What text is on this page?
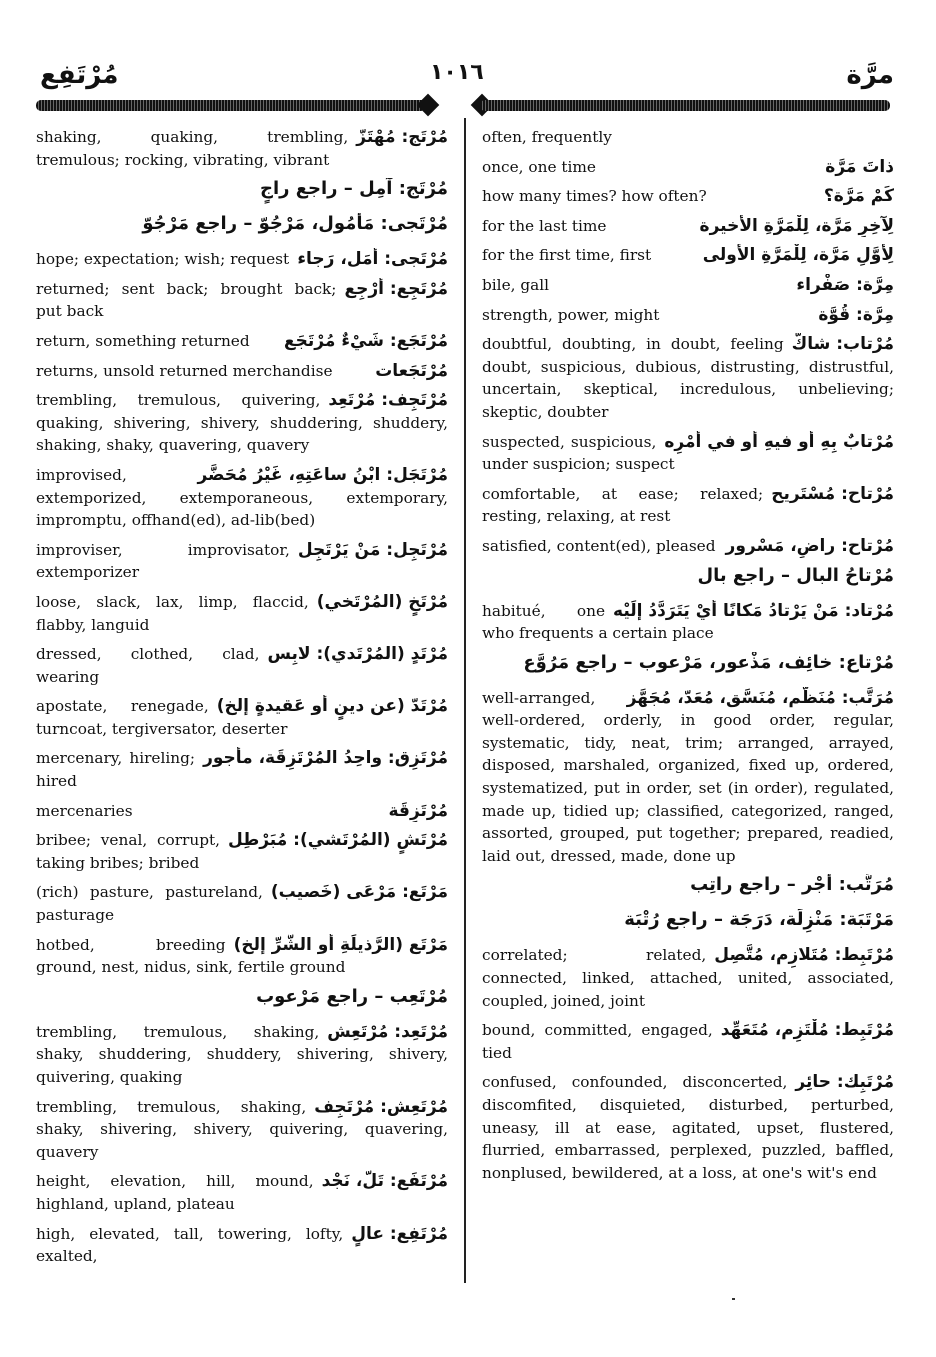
مُرْتَفِع	١٠١٦	مرَّة
مُرْتَج: مُهْتَزّ
shaking, quaking, trembling, tremulous; rocking, vibrating, vibrant
مُرْتَج: آمِل – راجع راجٍ
مُرْتَجى: مَأْمُول، مَرْجُوّ – راجع مَرْجُوّ
مُرْتَجى: أمَل، رَجاء
hope; expectation; wish; request
مُرْتَجِع: أُرْجِع
returned; sent back; brought back; put back
مُرْتَجَع: شَيْءٌ مُرْتَجَع
return, something returned
مُرْتَجَعات
returns, unsold returned merchandise
مُرْتَجِف: مُرْتَعِد
trembling, tremulous, quivering, quaking, shivering, shivery, shuddering, shuddery, shaking, shaky, quavering, quavery
مُرْتَجَل: ابْنُ ساعَتِهِ، غَيْرُ مُحَضَّر
improvised, extemporized, extemporaneous, extemporary, impromptu, offhand(ed), ad-lib(bed)
مُرْتَجِل: مَنْ يَرْتَجِل
improviser, improvisator, extemporizer
مُرْتَخٍ (المُرْتَخي)
loose, slack, lax, limp, flaccid, flabby, languid
مُرْتَدٍ (المُرْتَدي): لابِس
dressed, clothed, clad, wearing
مُرْتَدّ (عن دينٍ أو عَقيدةٍ إلخ)
apostate, renegade, turncoat, tergiversator, deserter
مُرْتَزِق: واحِدُ المُرْتَزِقَة، مأجور
mercenary, hireling; hired
مُرْتَزِقَة
mercenaries
مُرْتَشٍ (المُرْتَشي): مُبَرْطِل
bribee; venal, corrupt, taking bribes; bribed
مَرْتَع: مَرْعَى (خَصيب)
(rich) pasture, pastureland, pasturage
مَرْتَع (الرَّذيلَةِ أو الشَّرِّ إلخ)
hotbed, breeding ground, nest, nidus, sink, fertile ground
مُرْتَعِب – راجع مَرْعوب
مُرْتَعِد: مُرْتَعِش
trembling, tremulous, shaking, shaky, shuddering, shuddery, shivering, shivery, quivering, quaking
مُرْتَعِش: مُرْتَجِف
trembling, tremulous, shaking, shaky, shivering, shivery, quivering, quavering, quavery
مُرْتَفَع: تَلّ، نَجْد
height, elevation, hill, mound, highland, upland, plateau
مُرْتَفِع: عالٍ
high, elevated, tall, towering, lofty, exalted,
often, frequently
ذاتَ مَرَّة
once, one time
كَمْ مَرَّة؟
how many times? how often?
لِآخِرِ مَرَّة، لِلْمَرَّةِ الأخيرة
for the last time
لِأَوَّلِ مَرَّة، لِلْمَرَّةِ الأولى
for the first time, first
مِرَّة: صَفْراء
bile, gall
مِرَّة: قُوَّة
strength, power, might
مُرْتاب: شاكّ
doubtful, doubting, in doubt, feeling doubt, suspicious, dubious, distrusting, distrustful, uncertain, skeptical, incredulous, unbelieving; skeptic, doubter
مُرْتابٌ بِهِ أو فيهِ أو في أمْرِه
suspected, suspicious, under suspicion; suspect
مُرْتاح: مُسْتَريح
comfortable, at ease; relaxed; resting, relaxing, at rest
مُرْتاح: راضٍ، مَسْرور
satisfied, content(ed), pleased
مُرْتاحُ البال – راجع بال
مُرْتاد: مَنْ يَرْتادُ مَكانًا أيْ يَتَرَدَّدُ إلَيْه
habitué, one who frequents a certain place
مُرْتاع: خائِف، مَذْعور، مَرْعوب – راجع مَرُوَّع
مُرَتَّب: مُنَظَّم، مُنَسَّق، مُعَدّ، مُجَهَّز
well-arranged, well-ordered, orderly, in good order, regular, systematic, tidy, neat, trim; arranged, arrayed, disposed, marshaled, organized, fixed up, ordered, systematized, put in order, set (in order), regulated, made up, tidied up; classified, categorized, ranged, assorted, grouped, put together; prepared, readied, laid out, dressed, made, done up
مُرَتَّب: أَجْر – راجع راتِب
مَرْتَبَة: مَنْزِلَة، دَرَجَة – راجع رُتْبَة
مُرْتَبِط: مُتَلازِم، مُتَّصِل
correlated; related, connected, linked, attached, united, associated, coupled, joined, joint
مُرْتَبِط: مُلْتَزِم، مُتَعَهِّد
bound, committed, engaged, tied
مُرْتَبِك: حائِر
confused, confounded, disconcerted, discomfited, disquieted, disturbed, perturbed, uneasy, ill at ease, agitated, upset, flustered, flurried, embarrassed, perplexed, puzzled, baffled, nonplused, bewildered, at a loss, at one's wit's end
